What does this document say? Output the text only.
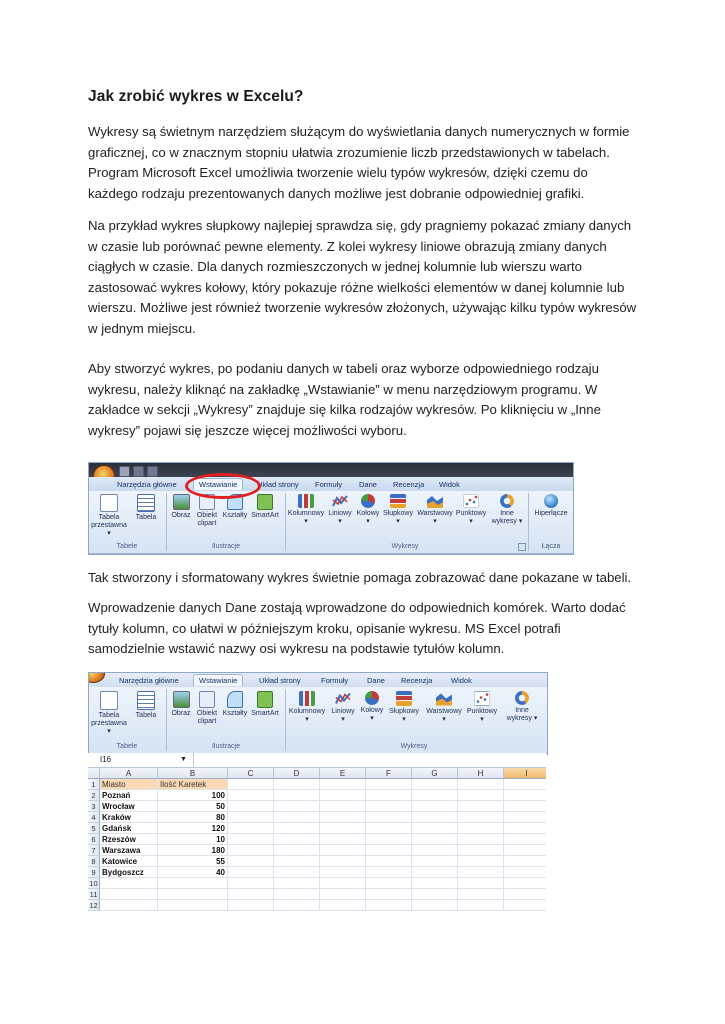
Jak zrobić wykres w Excelu?

Wykresy są świetnym narzędziem służącym do wyświetlania danych numerycznych w formie graficznej, co w znacznym stopniu ułatwia zrozumienie liczb przedstawionych w tabelach. Program Microsoft Excel umożliwia tworzenie wielu typów wykresów, dzięki czemu do każdego rodzaju prezentowanych danych możliwe jest dobranie odpowiedniej grafiki.

Na przykład wykres słupkowy najlepiej sprawdza się, gdy pragniemy pokazać zmiany danych w czasie lub porównać pewne elementy. Z kolei wykresy liniowe obrazują zmiany danych ciągłych w czasie. Dla danych rozmieszczonych w jednej kolumnie lub wierszu warto zastosować wykres kołowy, który pokazuje różne wielkości elementów w danej kolumnie lub wierszu. Możliwe jest również tworzenie wykresów złożonych, używając kilku typów wykresów w jednym miejscu.

Aby stworzyć wykres, po podaniu danych w tabeli oraz wyborze odpowiedniego rodzaju wykresu, należy kliknąć na zakładkę „Wstawianie” w menu narzędziowym programu. W zakładce w sekcji „Wykresy” znajduje się kilka rodzajów wykresów. Po kliknięciu w „Inne wykresy” pojawi się jeszcze więcej możliwości wyboru.

Narzędzia główne	Wstawianie	Układ strony Formuły Dane Recenzja Widok
Tabela
przestawna ▾
Tabela
Tabele
Obraz Obiekt
clipart
Kształty SmartArt
Ilustracje
Kolumnowy
▾
Liniowy
▾
Kołowy
▾
Słupkowy
▾
Warstwowy
▾
Punktowy
▾
Inne
wykresy ▾
Wykresy
Hiperłącze
Łącza

Tak stworzony i sformatowany wykres świetnie pomaga zobrazować dane pokazane w tabeli.

Wprowadzenie danych Dane zostają wprowadzone do odpowiednich komórek. Warto dodać tytuły kolumn, co ułatwi w późniejszym kroku, opisanie wykresu. MS Excel potrafi samodzielnie wstawić nazwy osi wykresu na podstawie tytułów kolumn.

Narzędzia główne	Wstawianie	Układ strony	Formuły	Dane Recenzja Widok
Tabela
przestawna ▾
Tabela
Tabele
Obraz Obiekt
clipart
Kształty SmartArt
Ilustracje
Kolumnowy
▾
Liniowy
▾
Kołowy
▾
Słupkowy
▾
Warstwowy
▾
Punktowy
▾
Inne
wykresy ▾
Wykresy
I16	▼
A	B	C	D	E	F	G	H	I
1 Miasto	Ilość Karetek
2 Poznań	100
3 Wrocław	50
4 Kraków	80
5 Gdańsk	120
6 Rzeszów	10
7 Warszawa	180
8 Katowice	55
9 Bydgoszcz	40
10
11
12
